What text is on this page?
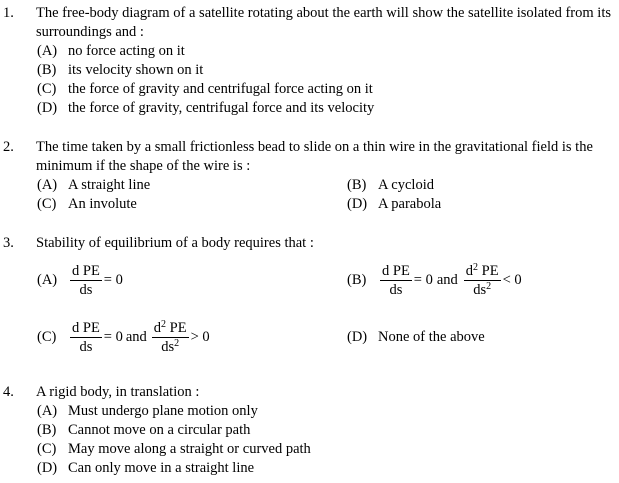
1. The free-body diagram of a satellite rotating about the earth will show the satellite isolated from its
surroundings and :
(A) no force acting on it
(B) its velocity shown on it
(C) the force of gravity and centrifugal force acting on it
(D) the force of gravity, centrifugal force and its velocity
2. The time taken by a small frictionless bead to slide on a thin wire in the gravitational field is the
minimum if the shape of the wire is :
(A) A straight line	(B) A cycloid
(C) An involute	(D) A parabola
3. Stability of equilibrium of a body requires that :
$(A) \frac{\text{d PE}}{ds} = 0$	$(B) \frac{\text{d PE}}{ds} = 0$ and $\frac{d^2 PE}{ds^2} < 0$
$(C) \frac{\text{d PE}}{ds} = 0$ and $\frac{d^2 PE}{ds^2} > 0$	(D) None of the above
4. A rigid body, in translation :
(A) Must undergo plane motion only
(B) Cannot move on a circular path
(C) May move along a straight or curved path
(D) Can only move in a straight line
